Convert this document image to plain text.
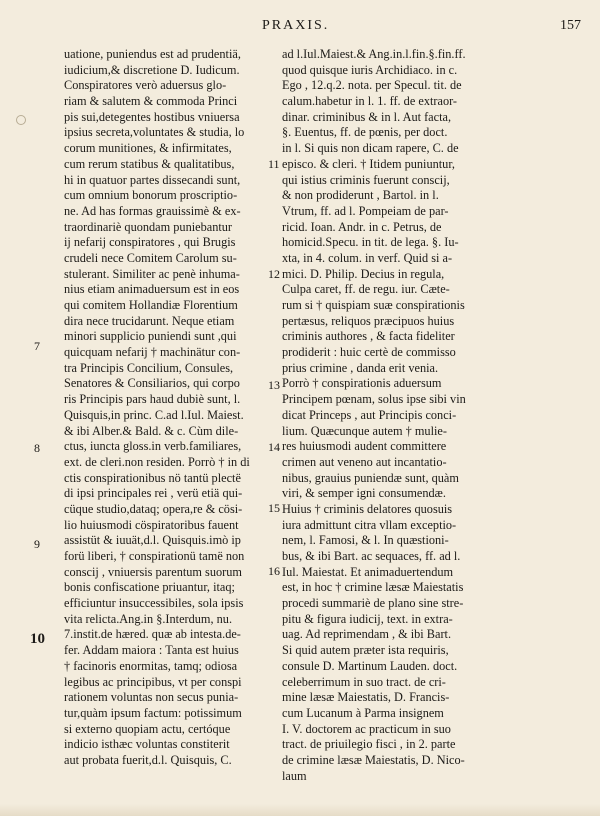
PRAXIS.	157
7
8
9
10
11
12
13
14
15
16
uatione, puniendus est ad prudentiä,
iudicium,& discretione D. Iudicum.
Conspiratores verò aduersus glo-
riam & salutem & commoda Princi
pis sui,detegentes hostibus vniuersa
ipsius secreta,voluntates & studia, lo
corum munitiones, & infirmitates,
cum rerum statibus & qualitatibus,
hi in quatuor partes dissecandi sunt,
cum omnium bonorum proscriptio-
ne. Ad has formas grauissimè & ex-
traordinariè quondam puniebantur
ij nefarij conspiratores , qui Brugis
crudeli nece Comitem Carolum su-
stulerant. Similiter ac penè inhuma-
nius etiam animaduersum est in eos
qui comitem Hollandiæ Florentium
dira nece trucidarunt. Neque etiam
minori supplicio puniendi sunt ,qui
quicquam nefarij † machinätur con-
tra Principis Concilium, Consules,
Senatores & Consiliarios, qui corpo
ris Principis pars haud dubiè sunt, l.
Quisquis,in princ. C.ad l.Iul. Maiest.
& ibi Alber.& Bald. & c. Cùm dile-
ctus, iuncta gloss.in verb.familiares,
ext. de cleri.non residen. Porrò † in di
ctis conspirationibus nö tantü plectë
di ipsi principales rei , verü etiä qui-
cüque studio,dataq; opera,re & cösi-
lio huiusmodi cöspiratoribus fauent
assistüt & iuuät,d.l. Quisquis.imò ip
forü liberi, † conspirationü tamë non
conscij , vniuersis parentum suorum
bonis confiscatione priuantur, itaq;
efficiuntur insuccessibiles, sola ipsis
vita relicta.Ang.in §.Interdum, nu.
7.instit.de hæred. quæ ab intesta.de-
fer. Addam maiora : Tanta est huius
† facinoris enormitas, tamq; odiosa
legibus ac principibus, vt per conspi
rationem voluntas non secus punia-
tur,quàm ipsum factum: potissimum
si externo quopiam actu, certóque
indicio isthæc voluntas constiterit
aut probata fuerit,d.l. Quisquis, C.
ad l.Iul.Maiest.& Ang.in.l.fin.§.fin.ff.
quod quisque iuris Archidiaco. in c.
Ego , 12.q.2. nota. per Specul. tit. de
calum.habetur in l. 1. ff. de extraor-
dinar. criminibus & in l. Aut facta,
§. Euentus, ff. de pœnis, per doct.
in l. Si quis non dicam rapere, C. de
episco. & cleri. † Itidem puniuntur,
qui istius criminis fuerunt conscij,
& non prodiderunt , Bartol. in l.
Vtrum, ff. ad l. Pompeiam de par-
ricid. Ioan. Andr. in c. Petrus, de
homicid.Specu. in tit. de lega. §. Iu-
xta, in 4. colum. in verf. Quid si a-
mici. D. Philip. Decius in regula,
Culpa caret, ff. de regu. iur. Cæte-
rum si † quispiam suæ conspirationis
pertæsus, reliquos præcipuos huius
criminis authores , & facta fideliter
prodiderit : huic certè de commisso
prius crimine , danda erit venia.
Porrò † conspirationis aduersum
Principem pœnam, solus ipse sibi vin
dicat Princeps , aut Principis conci-
lium. Quæcunque autem † mulie-
res huiusmodi audent committere
crimen aut veneno aut incantatio-
nibus, grauius puniendæ sunt, quàm
viri, & semper igni consumendæ.
Huius † criminis delatores quosuis
iura admittunt citra vllam exceptio-
nem, l. Famosi, & l. In quæstioni-
bus, & ibi Bart. ac sequaces, ff. ad l.
Iul. Maiestat. Et animaduertendum
est, in hoc † crimine læsæ Maiestatis
procedi summariè de plano sine stre-
pitu & figura iudicij, text. in extra-
uag. Ad reprimendam , & ibi Bart.
Si quid autem præter ista requiris,
consule D. Martinum Lauden. doct.
celeberrimum in suo tract. de cri-
mine læsæ Maiestatis, D. Francis-
cum Lucanum à Parma insignem
I. V. doctorem ac practicum in suo
tract. de priuilegio fisci , in 2. parte
de crimine læsæ Maiestatis, D. Nico-
laum
